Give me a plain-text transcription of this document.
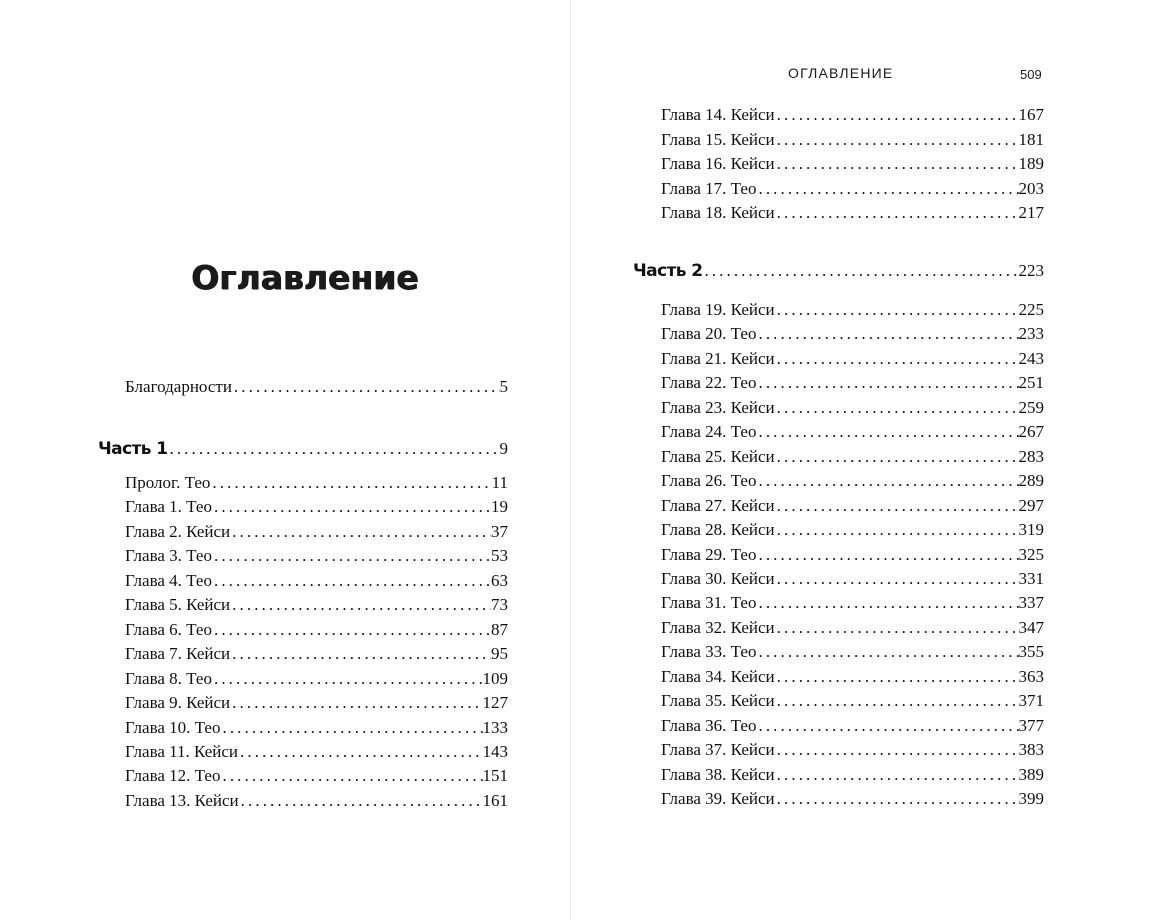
Оглавление
Благодарности .....	5
Часть 1 .....	9
Пролог. Тео .....	11
Глава 1. Тео .....	19
Глава 2. Кейси .....	37
Глава 3. Тео .....	53
Глава 4. Тео .....	63
Глава 5. Кейси .....	73
Глава 6. Тео .....	87
Глава 7. Кейси .....	95
Глава 8. Тео .....	109
Глава 9. Кейси .....	127
Глава 10. Тео .....	133
Глава 11. Кейси .....	143
Глава 12. Тео .....	151
Глава 13. Кейси .....	161
ОГЛАВЛЕНИЕ	509
Глава 14. Кейси .....	167
Глава 15. Кейси .....	181
Глава 16. Кейси .....	189
Глава 17. Тео .....	203
Глава 18. Кейси .....	217
Часть 2 .....	223
Глава 19. Кейси .....	225
Глава 20. Тео .....	233
Глава 21. Кейси .....	243
Глава 22. Тео .....	251
Глава 23. Кейси .....	259
Глава 24. Тео .....	267
Глава 25. Кейси .....	283
Глава 26. Тео .....	289
Глава 27. Кейси .....	297
Глава 28. Кейси .....	319
Глава 29. Тео .....	325
Глава 30. Кейси .....	331
Глава 31. Тео .....	337
Глава 32. Кейси .....	347
Глава 33. Тео .....	355
Глава 34. Кейси .....	363
Глава 35. Кейси .....	371
Глава 36. Тео .....	377
Глава 37. Кейси .....	383
Глава 38. Кейси .....	389
Глава 39. Кейси .....	399
